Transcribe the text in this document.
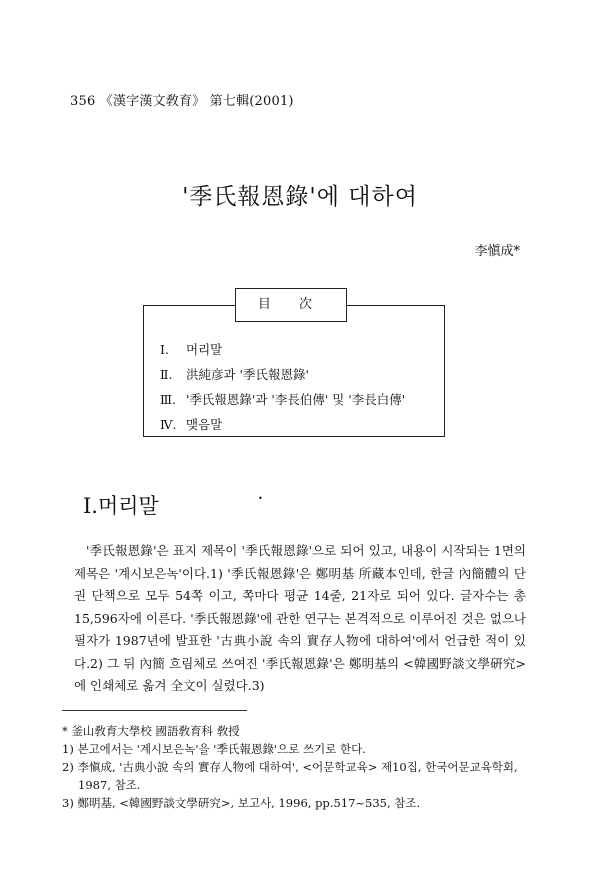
356 《漢字漢文敎育》 第七輯(2001)
'季氏報恩錄'에 대하여
李愼成*
目 次
Ⅰ. 머리말
Ⅱ. 洪純彦과 '季氏報恩錄'
Ⅲ. '季氏報恩錄'과 '李長伯傳' 및 '李長白傳'
Ⅳ. 맺음말
Ⅰ.머리말	•

'季氏報恩錄'은 표지 제목이 '季氏報恩錄'으로 되어 있고, 내용이 시작되는 1면의 제목은 '계시보은녹'이다.1) '季氏報恩錄'은 鄭明基 所藏本인데, 한글 內簡體의 단권 단책으로 모두 54쪽 이고, 쪽마다 평균 14줄, 21자로 되어 있다. 글자수는 총 15,596자에 이른다. '季氏報恩錄'에 관한 연구는 본격적으로 이루어진 것은 없으나 필자가 1987년에 발표한 '古典小說 속의 實存人物에 대하여'에서 언급한 적이 있다.2) 그 뒤 內簡 흐림체로 쓰여진 '季氏報恩錄'은 鄭明基의 <韓國野談文學硏究>에 인쇄체로 옮겨 全文이 실렸다.3)

* 釜山敎育大學校 國語敎育科 敎授

1) 본고에서는 '계시보은녹'을 '季氏報恩錄'으로 쓰기로 한다.

2) 李愼成, '古典小說 속의 實存人物에 대하여', <어문학교육> 제10집, 한국어문교육학회, 1987, 참조.

3) 鄭明基, <韓國野談文學硏究>, 보고사, 1996, pp.517~535, 참조.
